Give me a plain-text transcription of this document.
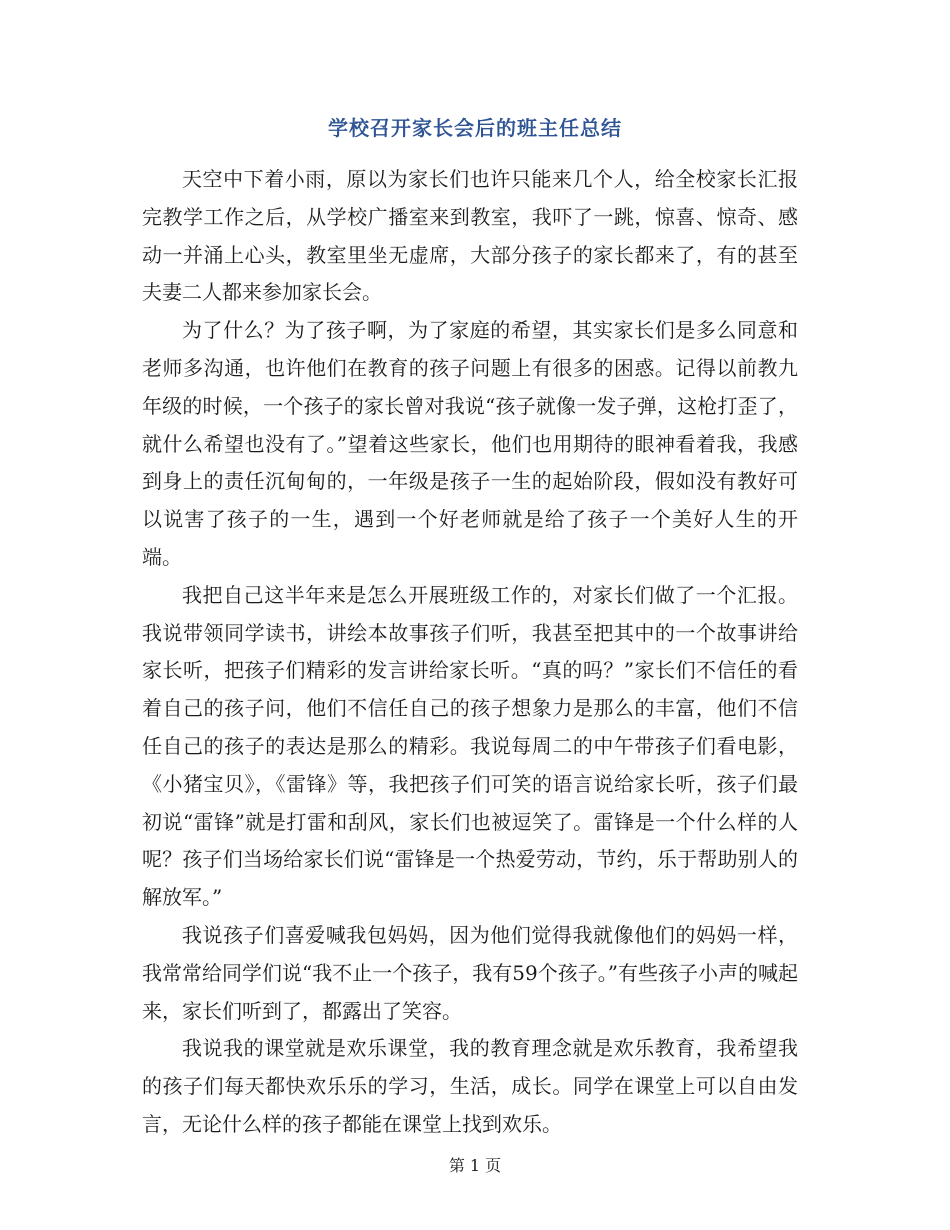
学校召开家长会后的班主任总结

天空中下着小雨，原以为家长们也许只能来几个人，给全校家长汇报完教学工作之后，从学校广播室来到教室，我吓了一跳，惊喜、惊奇、感动一并涌上心头，教室里坐无虚席，大部分孩子的家长都来了，有的甚至夫妻二人都来参加家长会。

为了什么？为了孩子啊，为了家庭的希望，其实家长们是多么同意和老师多沟通，也许他们在教育的孩子问题上有很多的困惑。记得以前教九年级的时候，一个孩子的家长曾对我说“孩子就像一发子弹，这枪打歪了，就什么希望也没有了。”望着这些家长，他们也用期待的眼神看着我，我感到身上的责任沉甸甸的，一年级是孩子一生的起始阶段，假如没有教好可以说害了孩子的一生，遇到一个好老师就是给了孩子一个美好人生的开端。

我把自己这半年来是怎么开展班级工作的，对家长们做了一个汇报。我说带领同学读书，讲绘本故事孩子们听，我甚至把其中的一个故事讲给家长听，把孩子们精彩的发言讲给家长听。“真的吗？”家长们不信任的看着自己的孩子问，他们不信任自己的孩子想象力是那么的丰富，他们不信任自己的孩子的表达是那么的精彩。我说每周二的中午带孩子们看电影，《小猪宝贝》，《雷锋》等，我把孩子们可笑的语言说给家长听，孩子们最初说“雷锋”就是打雷和刮风，家长们也被逗笑了。雷锋是一个什么样的人呢？孩子们当场给家长们说“雷锋是一个热爱劳动，节约，乐于帮助别人的解放军。”

我说孩子们喜爱喊我包妈妈，因为他们觉得我就像他们的妈妈一样，我常常给同学们说“我不止一个孩子，我有59个孩子。”有些孩子小声的喊起来，家长们听到了，都露出了笑容。

我说我的课堂就是欢乐课堂，我的教育理念就是欢乐教育，我希望我的孩子们每天都快欢乐乐的学习，生活，成长。同学在课堂上可以自由发言，无论什么样的孩子都能在课堂上找到欢乐。

第 1 页
